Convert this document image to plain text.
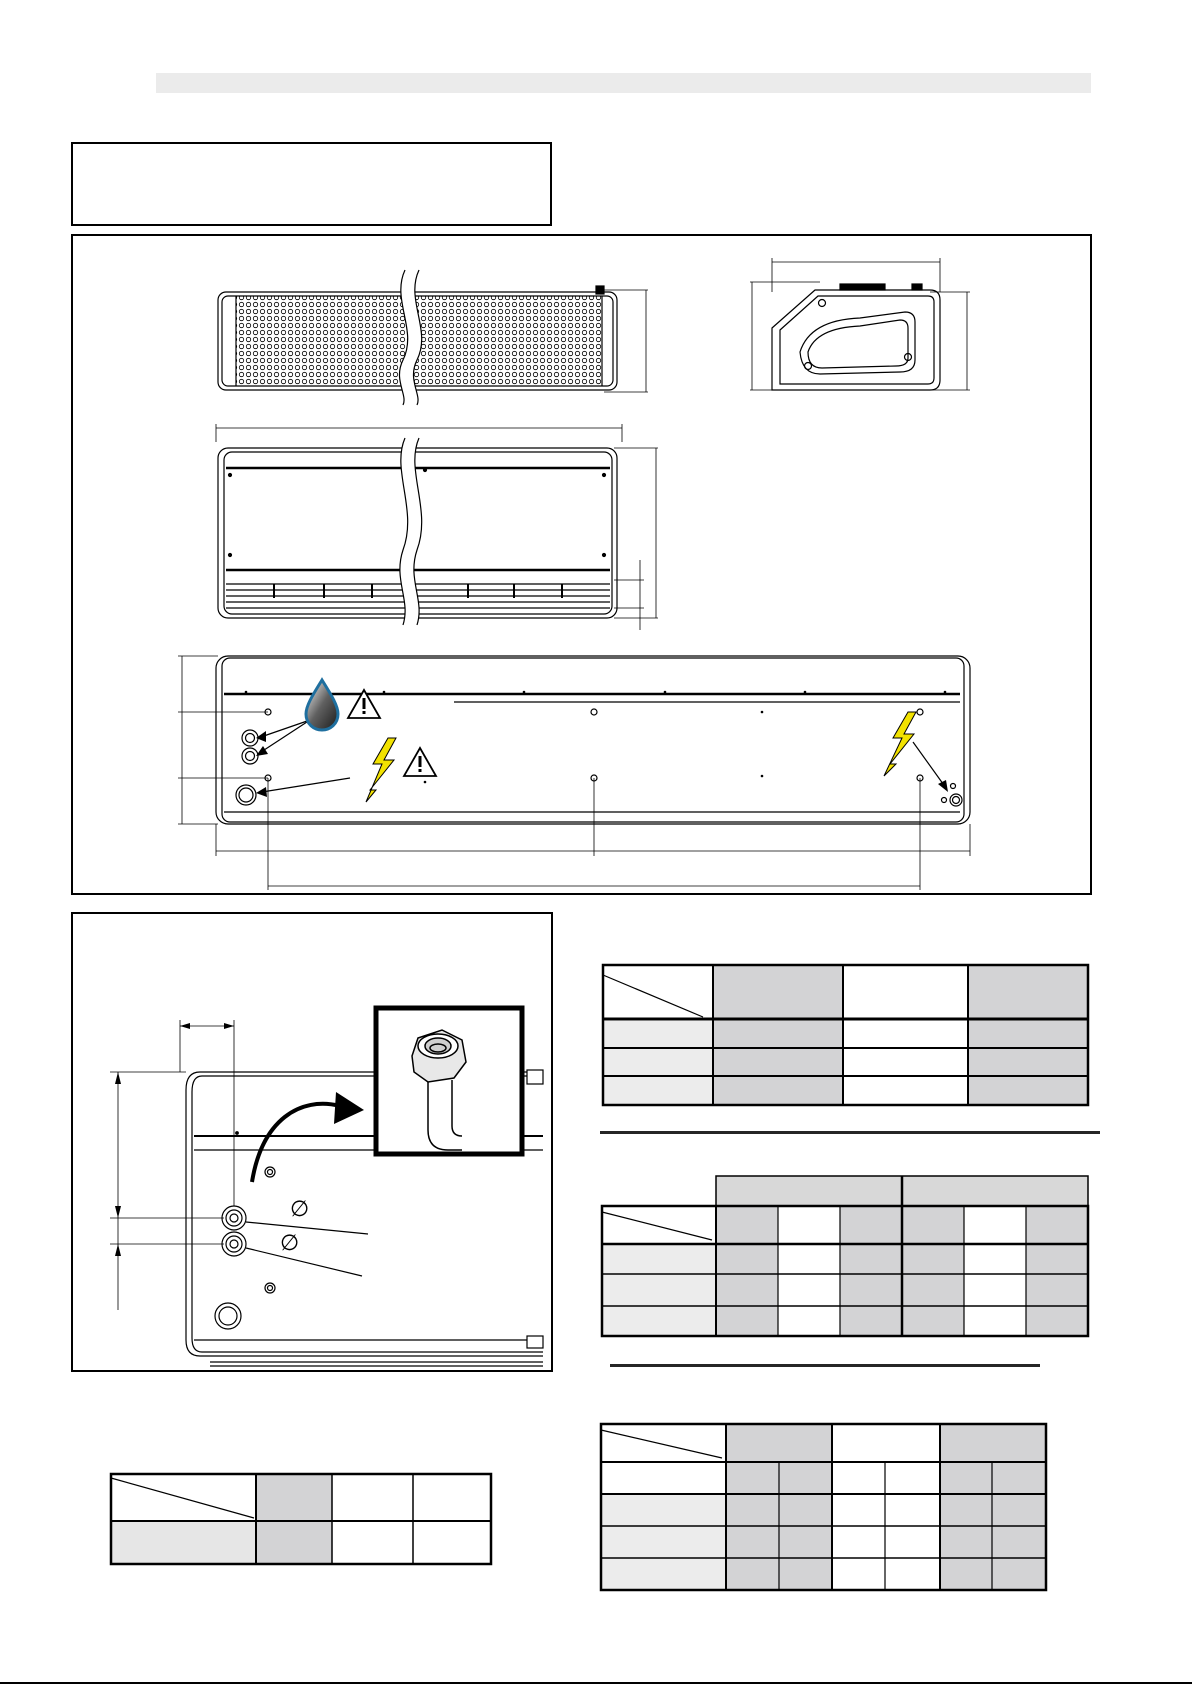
∅
∅
